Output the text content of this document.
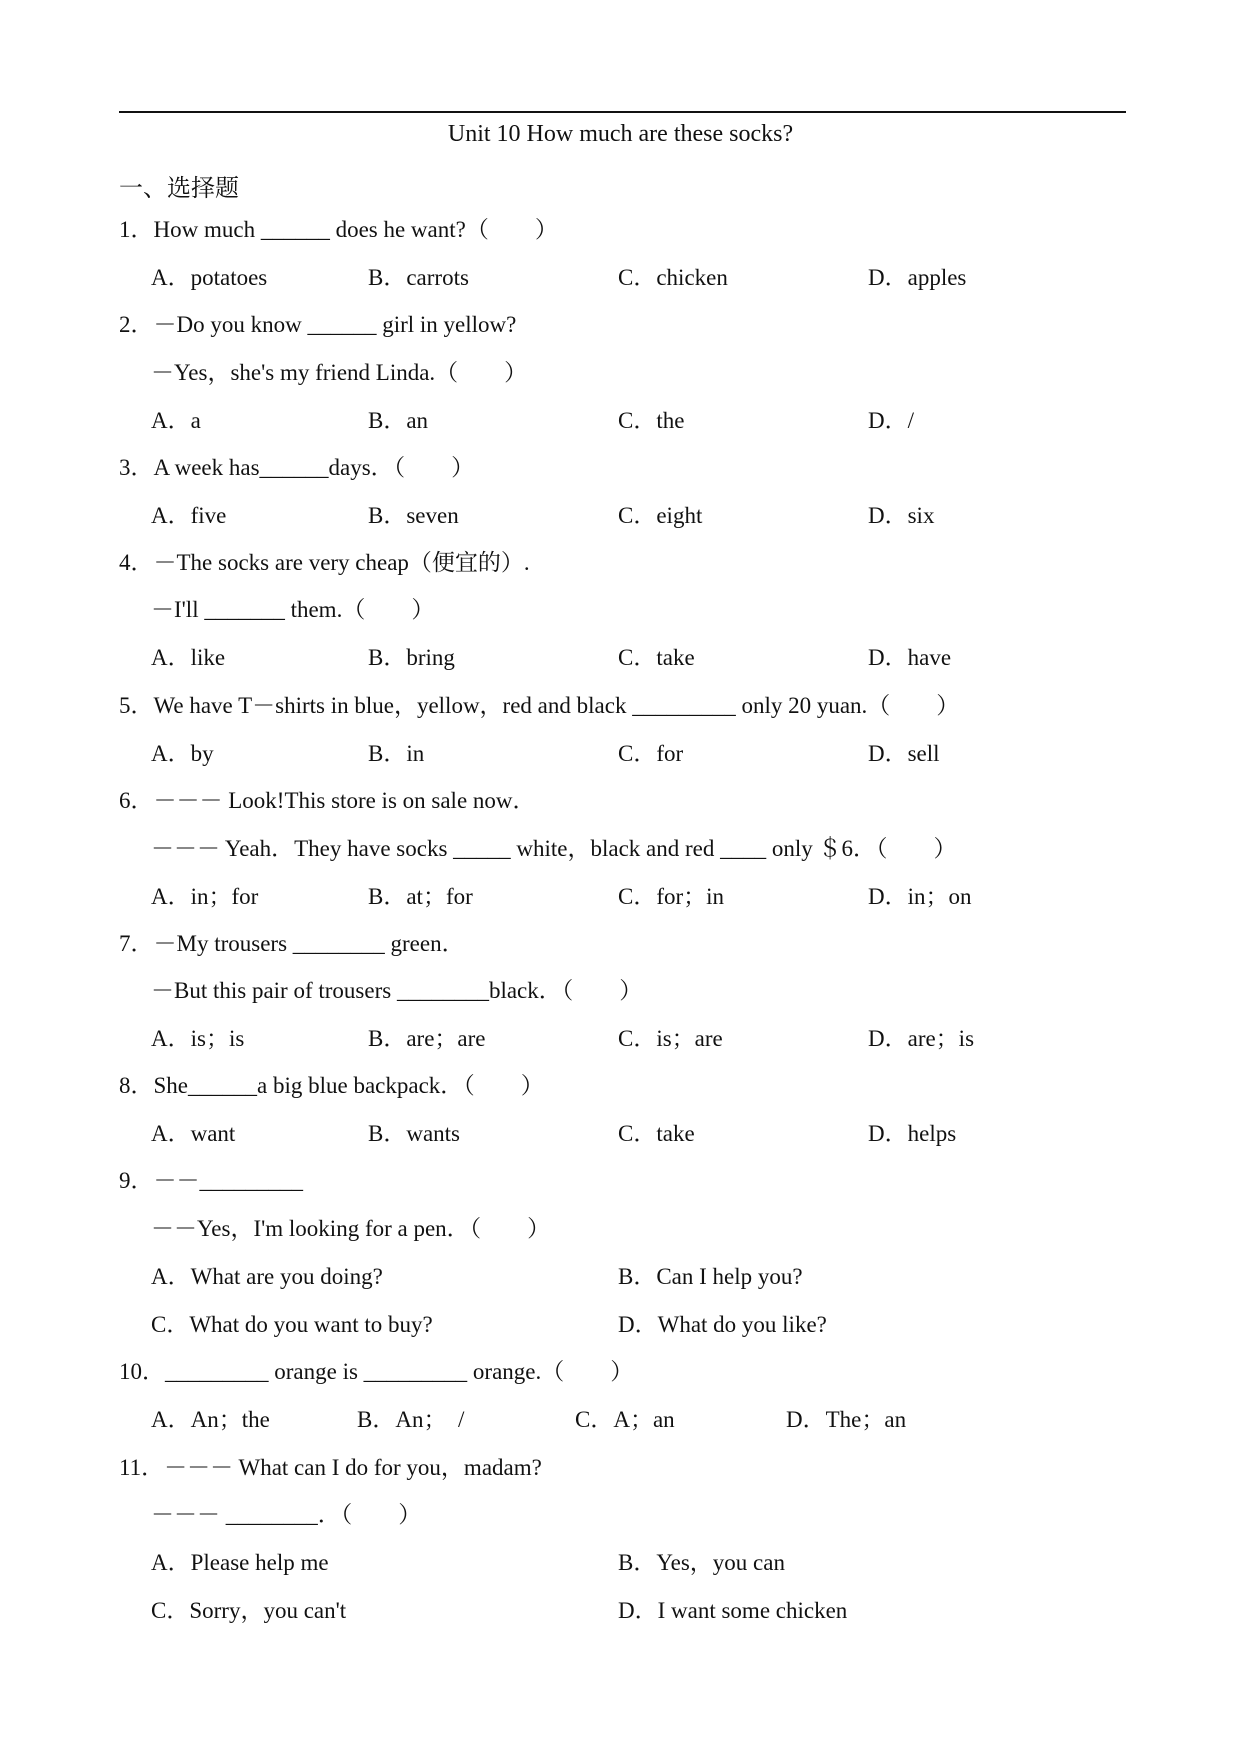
Unit 10 How much are these socks?
一、选择题
1．How much ______ does he want?（　　）
A．potatoes	B．carrots	C．chicken	D．apples
2．－Do you know ______ girl in yellow?
－Yes，she's my friend Linda.（　　）
A．a	B．an	C．the	D．/
3．A week has______days．（　　）
A．five	B．seven	C．eight	D．six
4．－The socks are very cheap（便宜的）.
－I'll _______ them.（　　）
A．like	B．bring	C．take	D．have
5．We have T－shirts in blue，yellow，red and black _________ only 20 yuan.（　　）
A．by	B．in	C．for	D．sell
6．－－－ Look!This store is on sale now．
－－－ Yeah．They have socks _____ white，black and red ____ only ＄6．（　　）
A．in；for	B．at；for	C．for；in	D．in；on
7．－My trousers ________ green．
－But this pair of trousers ________black．（　　）
A．is；is	B．are；are	C．is；are	D．are；is
8．She______a big blue backpack．（　　）
A．want	B．wants	C．take	D．helps
9．－－_________
－－Yes，I'm looking for a pen．（　　）
A．What are you doing?	B．Can I help you?
C．What do you want to buy?	D．What do you like?
10．_________ orange is _________ orange.（　　）
A．An；the	B．An；　/	C．A；an	D．The；an
11．－－－ What can I do for you，madam?
－－－ ________．（　　）
A．Please help me	B．Yes，you can
C．Sorry，you can't	D．I want some chicken
